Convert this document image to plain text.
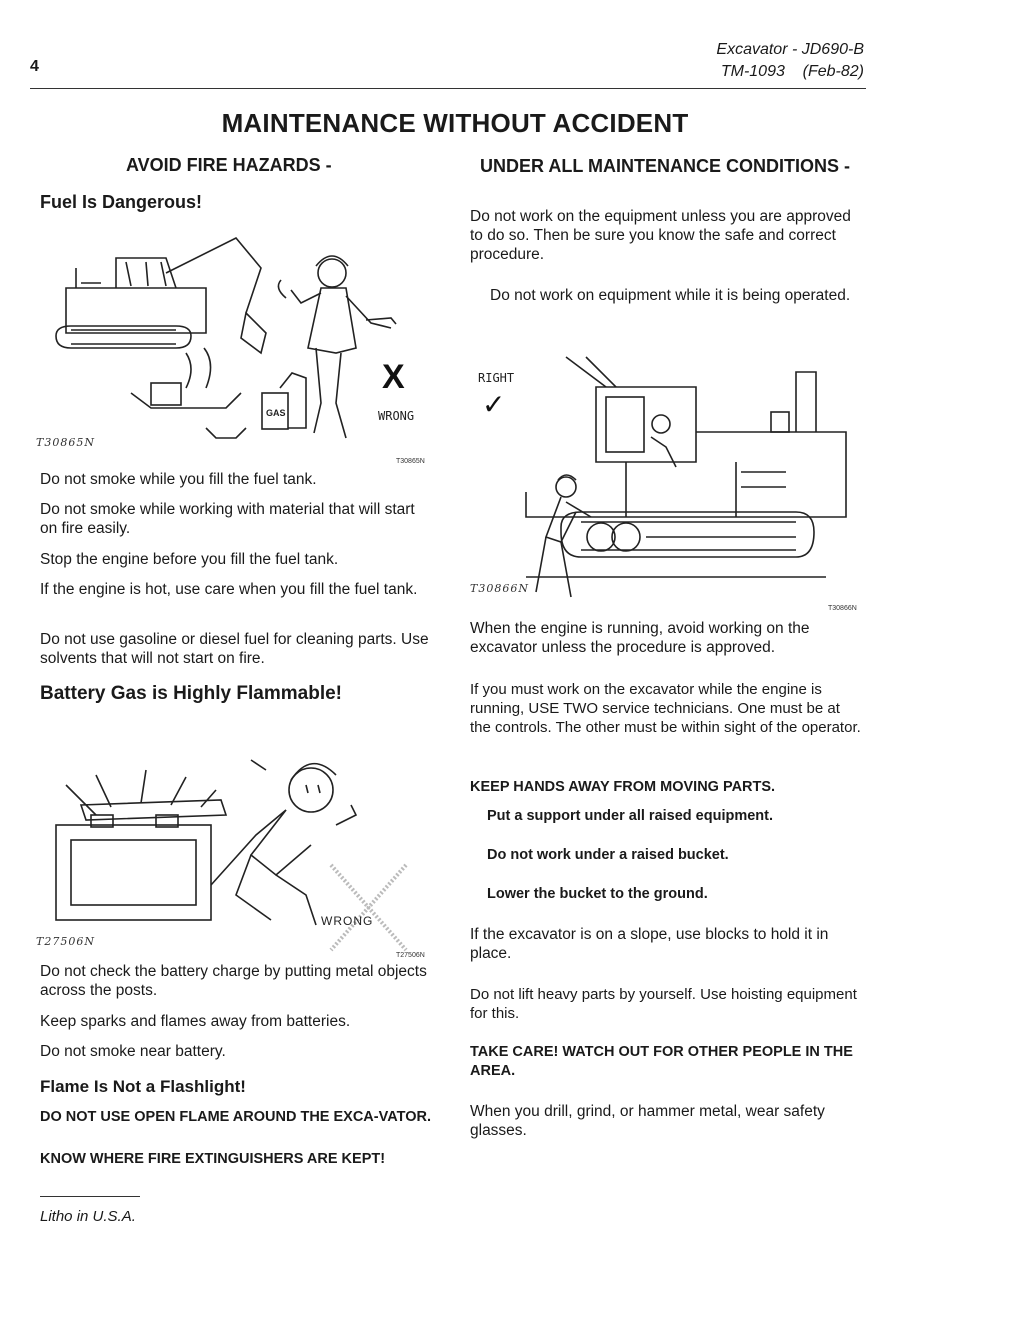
4
Excavator - JD690-B
TM-1093    (Feb-82)
MAINTENANCE WITHOUT ACCIDENT
AVOID FIRE HAZARDS -
Fuel Is Dangerous!
X
WRONG
GAS
T30865N
T30865N
Do not smoke while you fill the fuel tank.
Do not smoke while working with material that will start on fire easily.
Stop the engine before you fill the fuel tank.
If the engine is hot, use care when you fill the fuel tank.
Do not use gasoline or diesel fuel for cleaning parts. Use solvents that will not start on fire.
Battery Gas is Highly Flammable!
WRONG
T27506N
T27506N
Do not check the battery charge by putting metal objects across the posts.
Keep sparks and flames away from batteries.
Do not smoke near battery.
Flame Is Not a Flashlight!
DO NOT USE OPEN FLAME AROUND THE EXCA-VATOR.
KNOW WHERE FIRE EXTINGUISHERS ARE KEPT!
UNDER ALL MAINTENANCE CONDITIONS -
Do not work on the equipment unless you are approved to do so. Then be sure you know the safe and correct procedure.
Do not work on equipment while it is being operated.
RIGHT
✓
T30866N
T30866N
When the engine is running, avoid working on the excavator unless the procedure is approved.
If you must work on the excavator while the engine is running, USE TWO service technicians. One must be at the controls. The other must be within sight of the operator.
KEEP HANDS AWAY FROM MOVING PARTS.
Put a support under all raised equipment.
Do not work under a raised bucket.
Lower the bucket to the ground.
If the excavator is on a slope, use blocks to hold it in place.
Do not lift heavy parts by yourself. Use hoisting equipment for this.
TAKE CARE! WATCH OUT FOR OTHER PEOPLE IN THE AREA.
When you drill, grind, or hammer metal, wear safety glasses.
Litho in U.S.A.
